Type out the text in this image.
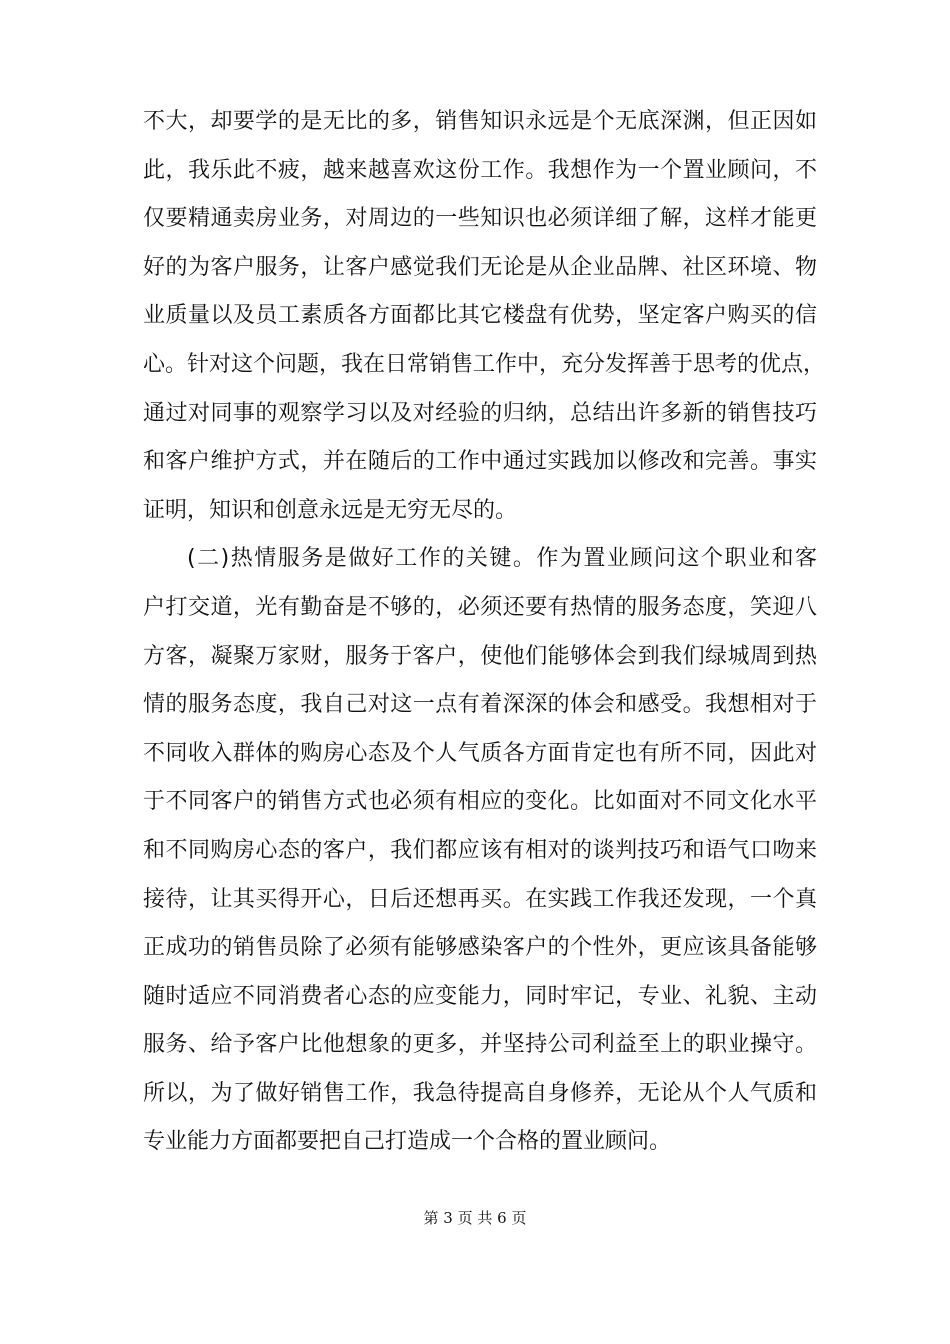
不大，却要学的是无比的多，销售知识永远是个无底深渊，但正因如
此，我乐此不疲，越来越喜欢这份工作。我想作为一个置业顾问，不
仅要精通卖房业务，对周边的一些知识也必须详细了解，这样才能更
好的为客户服务，让客户感觉我们无论是从企业品牌、社区环境、物
业质量以及员工素质各方面都比其它楼盘有优势，坚定客户购买的信
心。针对这个问题，我在日常销售工作中，充分发挥善于思考的优点，
通过对同事的观察学习以及对经验的归纳，总结出许多新的销售技巧
和客户维护方式，并在随后的工作中通过实践加以修改和完善。事实
证明，知识和创意永远是无穷无尽的。
(二)热情服务是做好工作的关键。作为置业顾问这个职业和客
户打交道，光有勤奋是不够的，必须还要有热情的服务态度，笑迎八
方客，凝聚万家财，服务于客户，使他们能够体会到我们绿城周到热
情的服务态度，我自己对这一点有着深深的体会和感受。我想相对于
不同收入群体的购房心态及个人气质各方面肯定也有所不同，因此对
于不同客户的销售方式也必须有相应的变化。比如面对不同文化水平
和不同购房心态的客户，我们都应该有相对的谈判技巧和语气口吻来
接待，让其买得开心，日后还想再买。在实践工作我还发现，一个真
正成功的销售员除了必须有能够感染客户的个性外，更应该具备能够
随时适应不同消费者心态的应变能力，同时牢记，专业、礼貌、主动
服务、给予客户比他想象的更多，并坚持公司利益至上的职业操守。
所以，为了做好销售工作，我急待提高自身修养，无论从个人气质和
专业能力方面都要把自己打造成一个合格的置业顾问。
第 3 页 共 6 页
